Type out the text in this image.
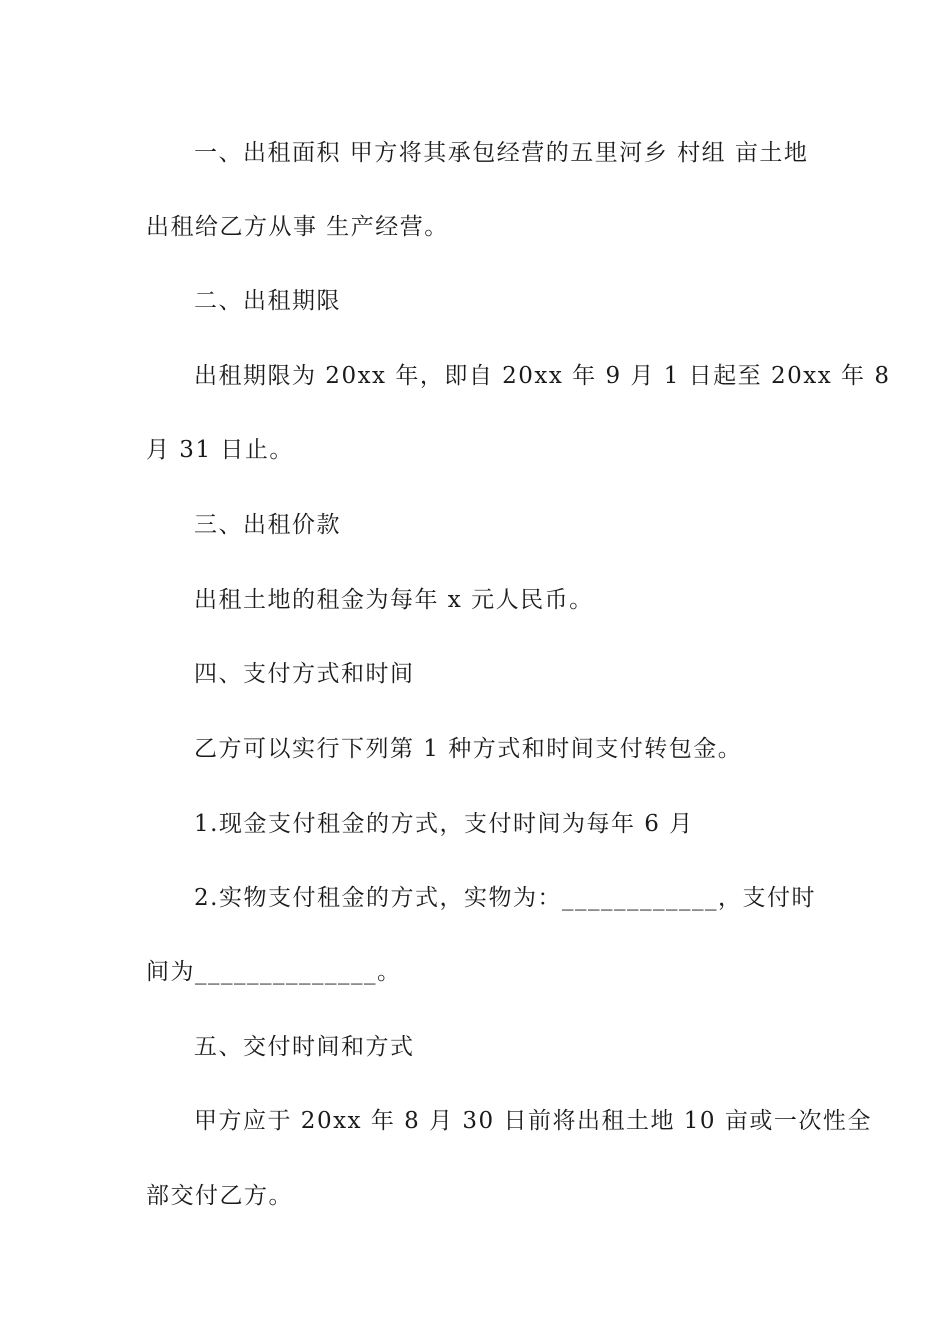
一、出租面积 甲方将其承包经营的五里河乡 村组 亩土地
出租给乙方从事 生产经营。
二、出租期限
出租期限为 20xx 年，即自 20xx 年 9 月 1 日起至 20xx 年 8
月 31 日止。
三、出租价款
出租土地的租金为每年 x 元人民币。
四、支付方式和时间
乙方可以实行下列第 1 种方式和时间支付转包金。
1.现金支付租金的方式，支付时间为每年 6 月
2.实物支付租金的方式，实物为：____________，支付时
间为______________。
五、交付时间和方式
甲方应于 20xx 年 8 月 30 日前将出租土地 10 亩或一次性全
部交付乙方。
